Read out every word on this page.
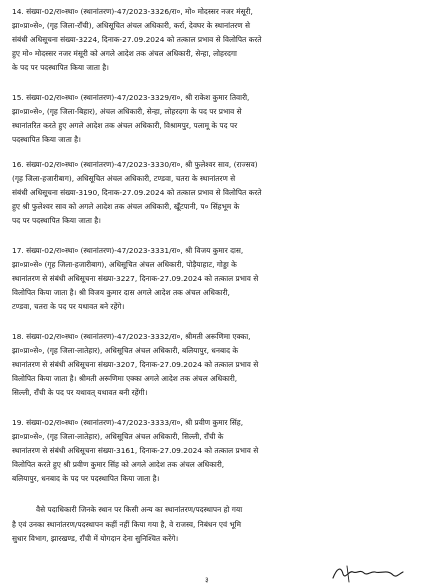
14. संख्या-02/रा०स्था० (स्थानांतरण)-47/2023-3326/रा०, मो० मोदस्सर नजर मंसूरी,
झा०प्रा०से०, (गृह जिला-राँची), अधिसूचित अंचल अधिकारी, कर्रा, देवघर के स्थानांतरण से
संबंधी अधिसूचना संख्या-3224, दिनाक-27.09.2024 को तत्काल प्रभाव से विलोपित करते
हुए मो० मोदस्सर नजर मंसूरी को अगले आदेश तक अंचल अधिकारी, सेन्हा, लोहरदगा
के पद पर पदस्थापित किया जाता है।
15. संख्या-02/रा०स्था० (स्थानांतरण)-47/2023-3329/रा०, श्री राकेश कुमार तिवारी,
झा०प्रा०से०, (गृह जिला-बिहार), अंचल अधिकारी, सेन्हा, लोहरदगा के पद पर प्रभाव से
स्थानांतरित करते हुए अगले आदेश तक अंचल अधिकारी, विश्रामपुर, पलामू के पद पर
पदस्थापित किया जाता है।
16. संख्या-02/रा०स्था० (स्थानांतरण)-47/2023-3330/रा०, श्री फुलेश्वर साव, (राज्सव)
(गृह जिला-हजारीबाग), अधिसूचित अंचल अधिकारी, टण्डवा, चतरा के स्थानांतरण से
संबंधी अधिसूचना संख्या-3190, दिनाक-27.09.2024 को तत्काल प्रभाव से विलोपित करते
हुए श्री फुलेश्वर साव को अगले आदेश तक अंचल अधिकारी, खूँटपानी, प० सिंहभूम के
पद पर पदस्थापित किया जाता है।
17. संख्या-02/रा०स्था० (स्थानांतरण)-47/2023-3331/रा०, श्री विजय कुमार दास,
झा०प्रा०से० (गृह जिला-हजारीबाग), अधिसूचित अंचल अधिकारी, पोड़ैयाहाट, गोड्डा के
स्थानांतरण से संबंधी अधिसूचना संख्या-3227, दिनाक-27.09.2024 को तत्काल प्रभाव से
विलोपित किया जाता है। श्री विजय कुमार दास अगले आदेश तक अंचल अधिकारी,
टण्डवा, चतरा के पद पर यथावत बने रहेंगे।
18. संख्या-02/रा०स्था० (स्थानांतरण)-47/2023-3332/रा०, श्रीमती अरूणिमा एक्का,
झा०प्रा०से०, (गृह जिला-लातेहार), अधिसूचित अंचल अधिकारी, बलियापुर, धनबाद के
स्थानांतरण से संबंधी अधिसूचना संख्या-3207, दिनाक-27.09.2024 को तत्काल प्रभाव से
विलोपित किया जाता है। श्रीमती अरूणिमा एक्का अगले आदेश तक अंचल अधिकारी,
सिल्ली, राँची के पद पर यथावत् यथावत बनी रहेंगी।
19. संख्या-02/रा०स्था० (स्थानांतरण)-47/2023-3333/रा०, श्री प्रवीण कुमार सिंह,
झा०प्रा०से०, (गृह जिला-लातेहार), अधिसूचित अंचल अधिकारी, सिल्ली, राँची के
स्थानांतरण से संबंधी अधिसूचना संख्या-3161, दिनाक-27.09.2024 को तत्काल प्रभाव से
विलोपित करते हुए श्री प्रवीण कुमार सिंह को अगले आदेश तक अंचल अधिकारी,
बलियापुर, धनबाद के पद पर पदस्थापित किया जाता है।
वैसे पदाधिकारी जिनके स्थान पर किसी अन्य का स्थानांतरण/पदस्थापन हो गया
है एवं उनका स्थानांतरण/पदस्थापन कहीं नहीं किया गया है, वे राजस्व, निबंधन एवं भूमि
सुधार विभाग, झारखण्ड, राँची में योगदान देना सुनिश्चित करेंगे।
३
